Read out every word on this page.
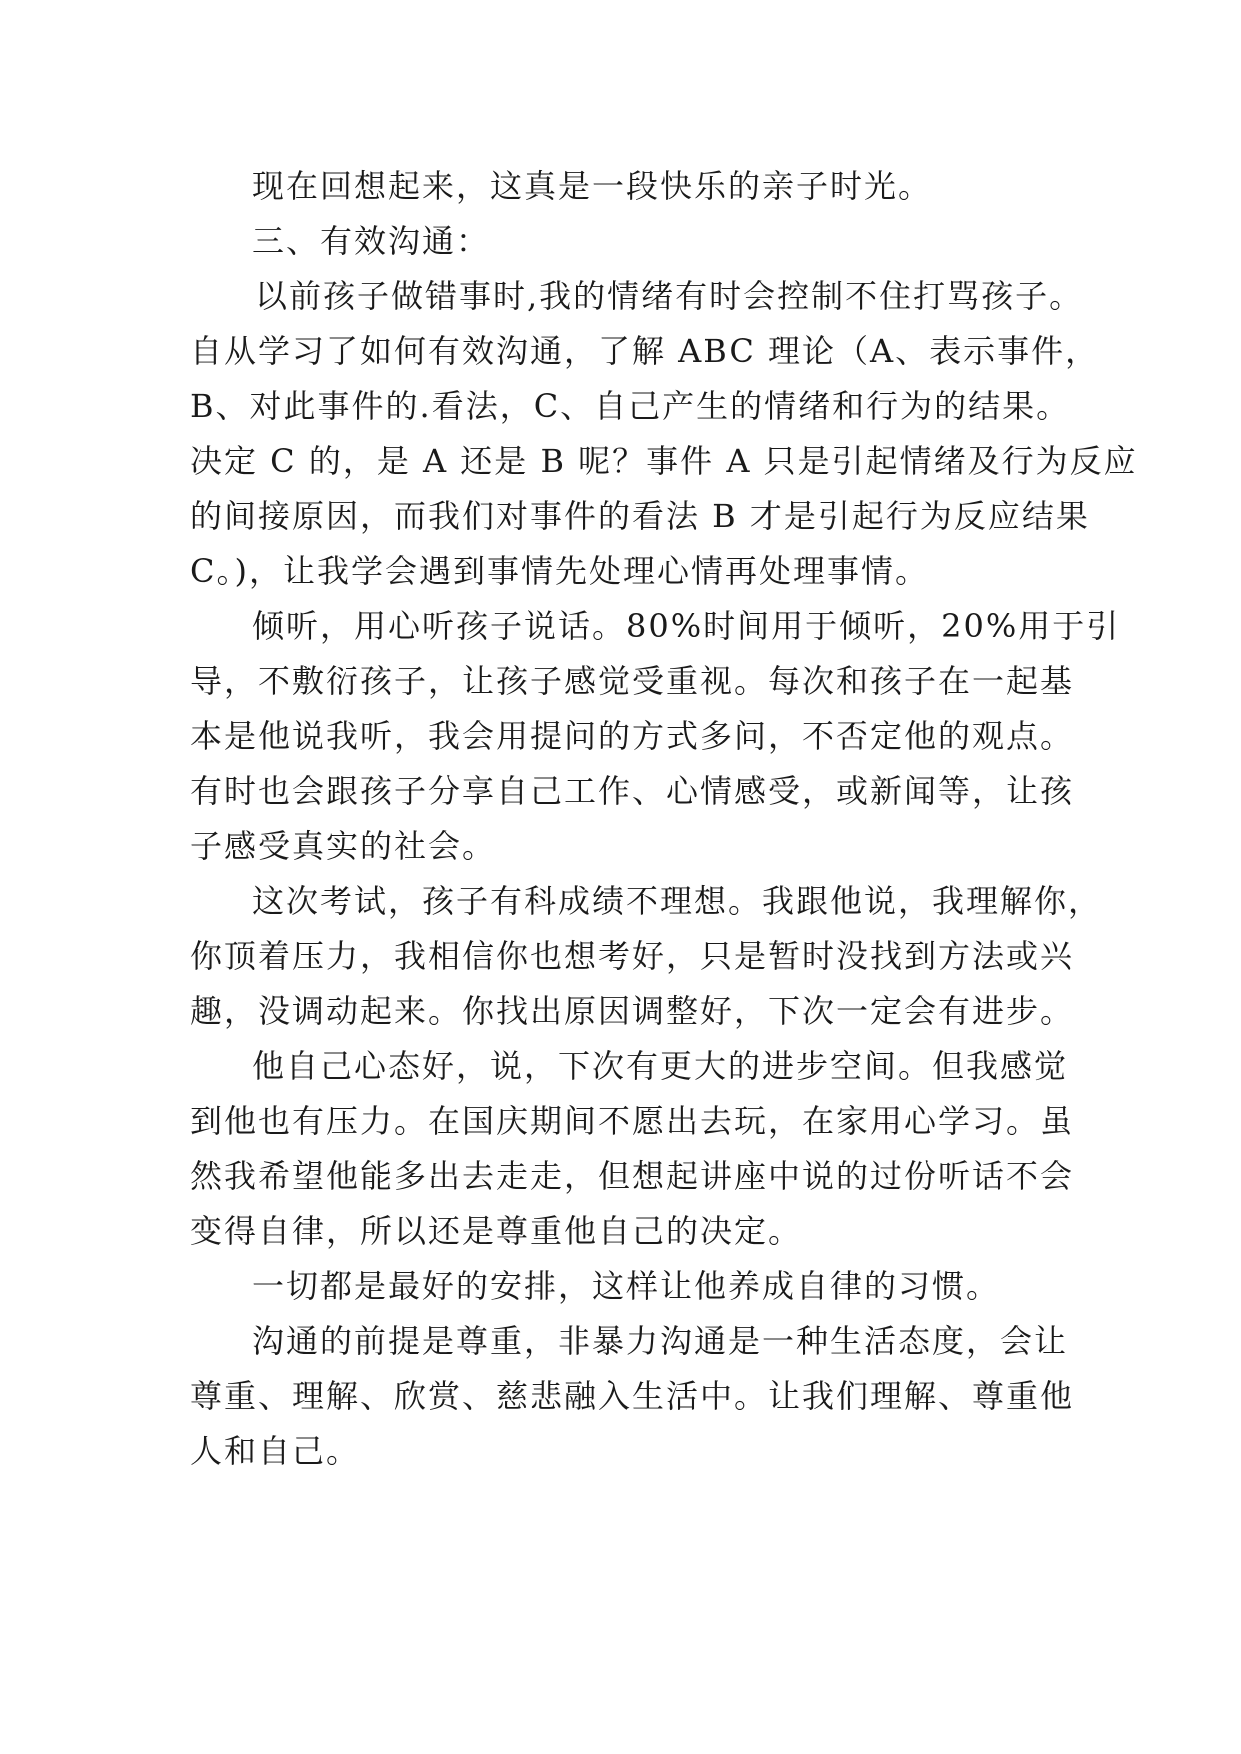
现在回想起来，这真是一段快乐的亲子时光。
三、有效沟通：
以前孩子做错事时,我的情绪有时会控制不住打骂孩子。
自从学习了如何有效沟通，了解 ABC 理论（A、表示事件，
B、对此事件的.看法，C、自己产生的情绪和行为的结果。
决定 C 的，是 A 还是 B 呢？事件 A 只是引起情绪及行为反应
的间接原因，而我们对事件的看法 B 才是引起行为反应结果
C。)，让我学会遇到事情先处理心情再处理事情。
倾听，用心听孩子说话。80%时间用于倾听，20%用于引
导，不敷衍孩子，让孩子感觉受重视。每次和孩子在一起基
本是他说我听，我会用提问的方式多问，不否定他的观点。
有时也会跟孩子分享自己工作、心情感受，或新闻等，让孩
子感受真实的社会。
这次考试，孩子有科成绩不理想。我跟他说，我理解你，
你顶着压力，我相信你也想考好，只是暂时没找到方法或兴
趣，没调动起来。你找出原因调整好，下次一定会有进步。
他自己心态好，说，下次有更大的进步空间。但我感觉
到他也有压力。在国庆期间不愿出去玩，在家用心学习。虽
然我希望他能多出去走走，但想起讲座中说的过份听话不会
变得自律，所以还是尊重他自己的决定。
一切都是最好的安排，这样让他养成自律的习惯。
沟通的前提是尊重，非暴力沟通是一种生活态度，会让
尊重、理解、欣赏、慈悲融入生活中。让我们理解、尊重他
人和自己。
